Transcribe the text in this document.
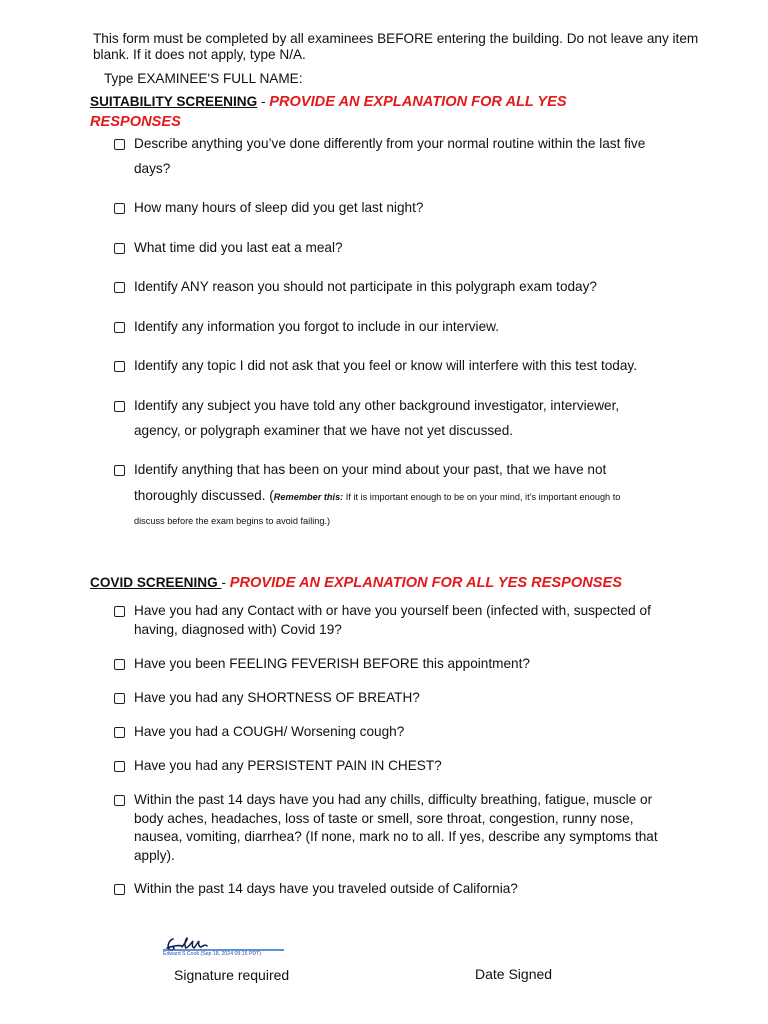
This form must be completed by all examinees BEFORE entering the building. Do not leave any item
blank. If it does not apply, type N/A.
Type EXAMINEE'S FULL NAME:
SUITABILITY SCREENING - PROVIDE AN EXPLANATION FOR ALL YES
RESPONSES
Describe anything you’ve done differently from your normal routine within the last five
days?
How many hours of sleep did you get last night?
What time did you last eat a meal?
Identify ANY reason you should not participate in this polygraph exam today?
Identify any information you forgot to include in our interview.
Identify any topic I did not ask that you feel or know will interfere with this test today.
Identify any subject you have told any other background investigator, interviewer,
agency, or polygraph examiner that we have not yet discussed.
Identify anything that has been on your mind about your past, that we have not
thoroughly discussed. (Remember this: If it is important enough to be on your mind, it’s important enough to
discuss before the exam begins to avoid failing.)
COVID SCREENING - PROVIDE AN EXPLANATION FOR ALL YES RESPONSES
Have you had any Contact with or have you yourself been (infected with, suspected of
having, diagnosed with) Covid 19?
Have you been FEELING FEVERISH BEFORE this appointment?
Have you had any SHORTNESS OF BREATH?
Have you had a COUGH/ Worsening cough?
Have you had any PERSISTENT PAIN IN CHEST?
Within the past 14 days have you had any chills, difficulty breathing, fatigue, muscle or
body aches, headaches, loss of taste or smell, sore throat, congestion, runny nose,
nausea, vomiting, diarrhea? (If none, mark no to all. If yes, describe any symptoms that
apply).
Within the past 14 days have you traveled outside of California?
Edward S Cook (Sep 18, 2024 09:15 PDT)
Signature required	Date Signed
